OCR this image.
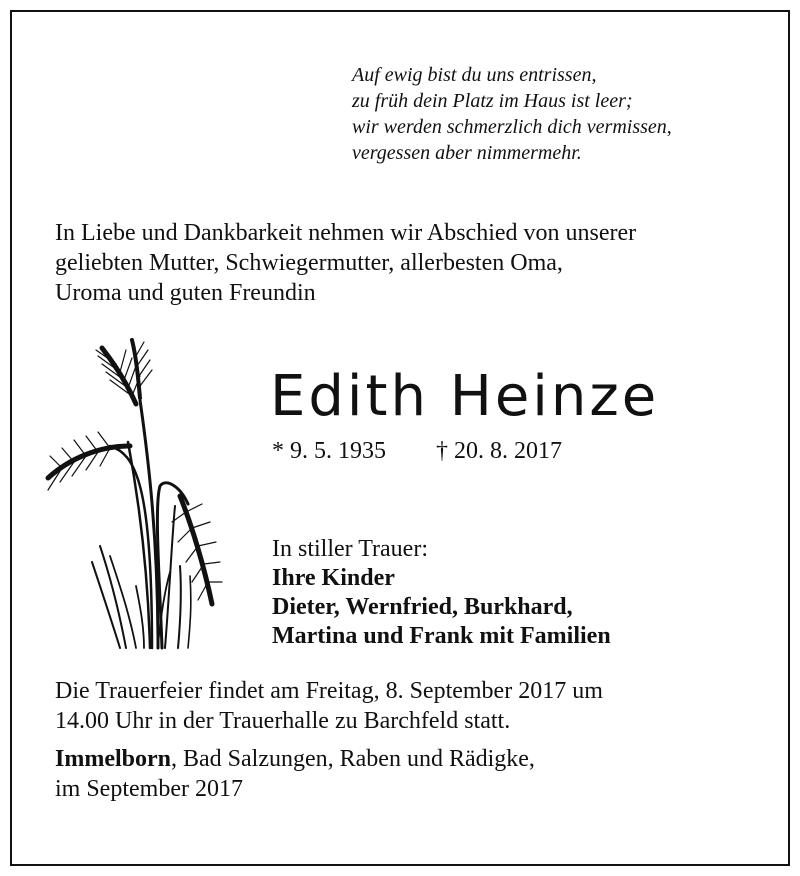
Auf ewig bist du uns entrissen,
zu früh dein Platz im Haus ist leer;
wir werden schmerzlich dich vermissen,
vergessen aber nimmermehr.
In Liebe und Dankbarkeit nehmen wir Abschied von unserer
geliebten Mutter, Schwiegermutter, allerbesten Oma,
Uroma und guten Freundin
Edith Heinze
* 9. 5. 1935 † 20. 8. 2017
In stiller Trauer:
Ihre Kinder
Dieter, Wernfried, Burkhard,
Martina und Frank mit Familien
Die Trauerfeier findet am Freitag, 8. September 2017 um
14.00 Uhr in der Trauerhalle zu Barchfeld statt.
Immelborn, Bad Salzungen, Raben und Rädigke,
im September 2017
